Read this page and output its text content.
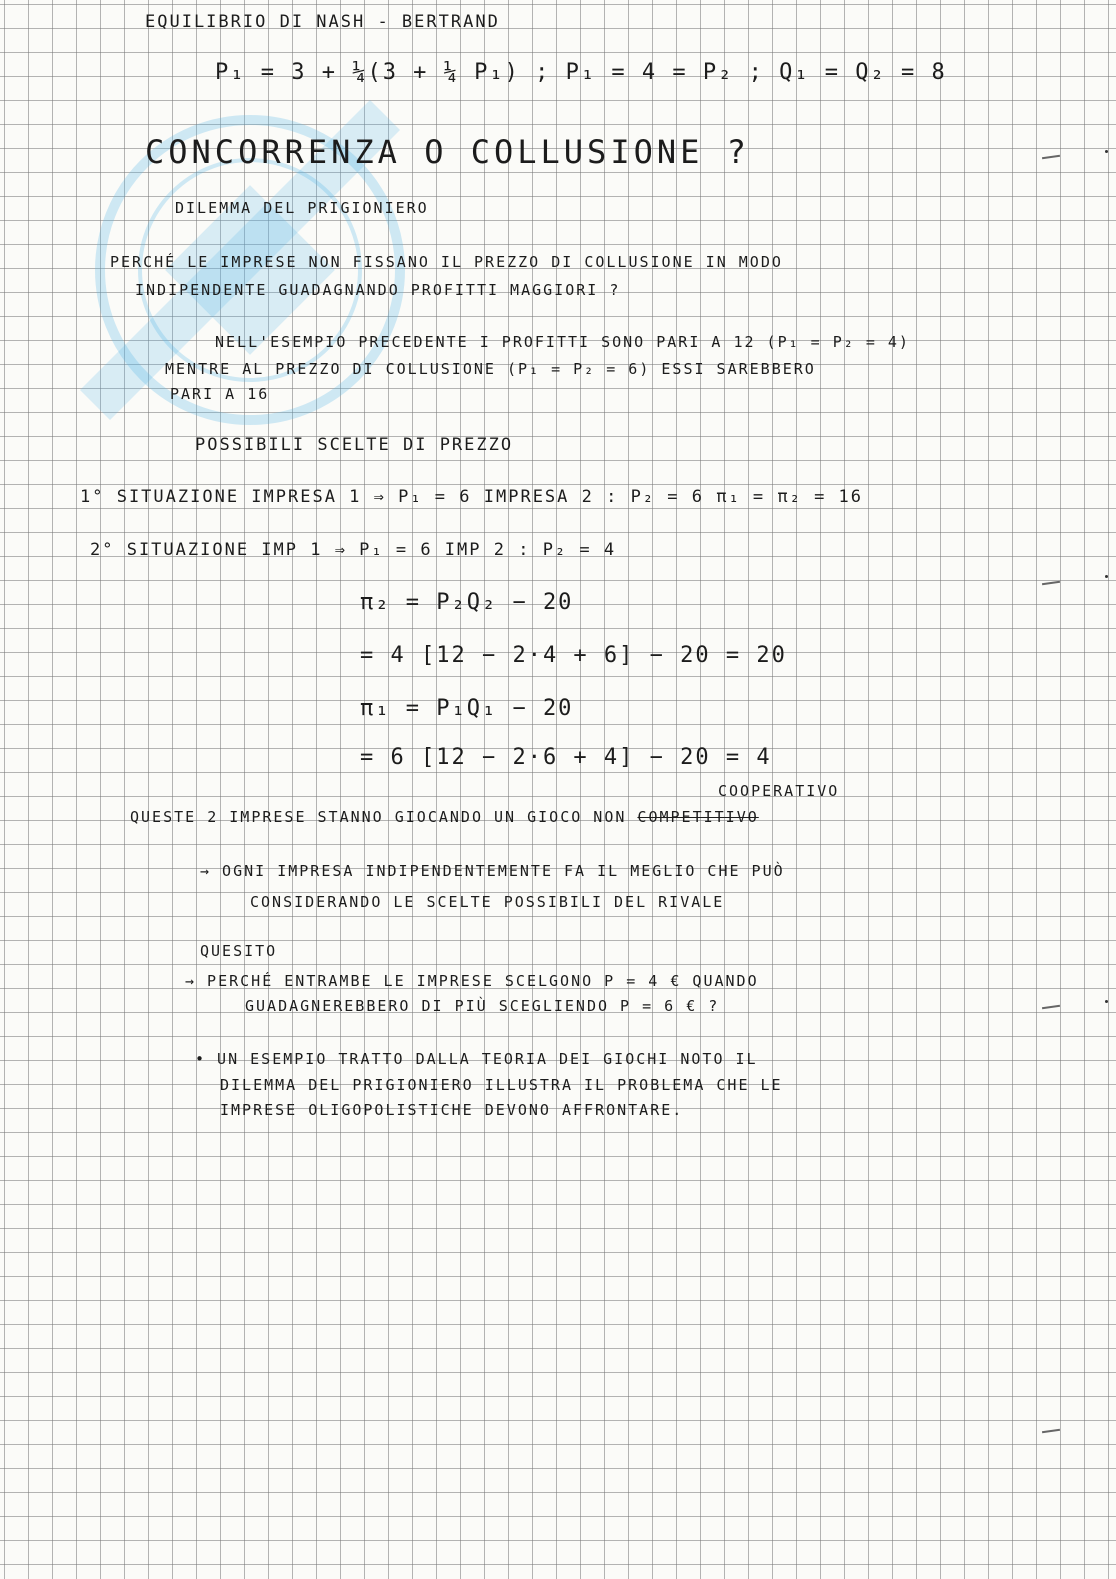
EQUILIBRIO DI NASH - BERTRAND
P₁ = 3 + ¼(3 + ¼ P₁) ; P₁ = 4 = P₂ ; Q₁ = Q₂ = 8
CONCORRENZA O COLLUSIONE ?
DILEMMA DEL PRIGIONIERO
PERCHÉ LE IMPRESE NON FISSANO IL PREZZO DI COLLUSIONE IN MODO
INDIPENDENTE GUADAGNANDO PROFITTI MAGGIORI ?
NELL'ESEMPIO PRECEDENTE I PROFITTI SONO PARI A 12 (P₁ = P₂ = 4)
MENTRE AL PREZZO DI COLLUSIONE (P₁ = P₂ = 6) ESSI SAREBBERO
PARI A 16
POSSIBILI SCELTE DI PREZZO
1° SITUAZIONE IMPRESA 1 ⇒ P₁ = 6 IMPRESA 2 : P₂ = 6 π₁ = π₂ = 16
2° SITUAZIONE IMP 1 ⇒ P₁ = 6 IMP 2 : P₂ = 4
π₂ = P₂Q₂ − 20
= 4 [12 − 2·4 + 6] − 20 = 20
π₁ = P₁Q₁ − 20
= 6 [12 − 2·6 + 4] − 20 = 4
COOPERATIVO
QUESTE 2 IMPRESE STANNO GIOCANDO UN GIOCO NON COMPETITIVO
→ OGNI IMPRESA INDIPENDENTEMENTE FA IL MEGLIO CHE PUÒ
CONSIDERANDO LE SCELTE POSSIBILI DEL RIVALE
QUESITO
→ PERCHÉ ENTRAMBE LE IMPRESE SCELGONO P = 4 € QUANDO
GUADAGNEREBBERO DI PIÙ SCEGLIENDO P = 6 € ?
• UN ESEMPIO TRATTO DALLA TEORIA DEI GIOCHI NOTO IL
DILEMMA DEL PRIGIONIERO ILLUSTRA IL PROBLEMA CHE LE
IMPRESE OLIGOPOLISTICHE DEVONO AFFRONTARE.
